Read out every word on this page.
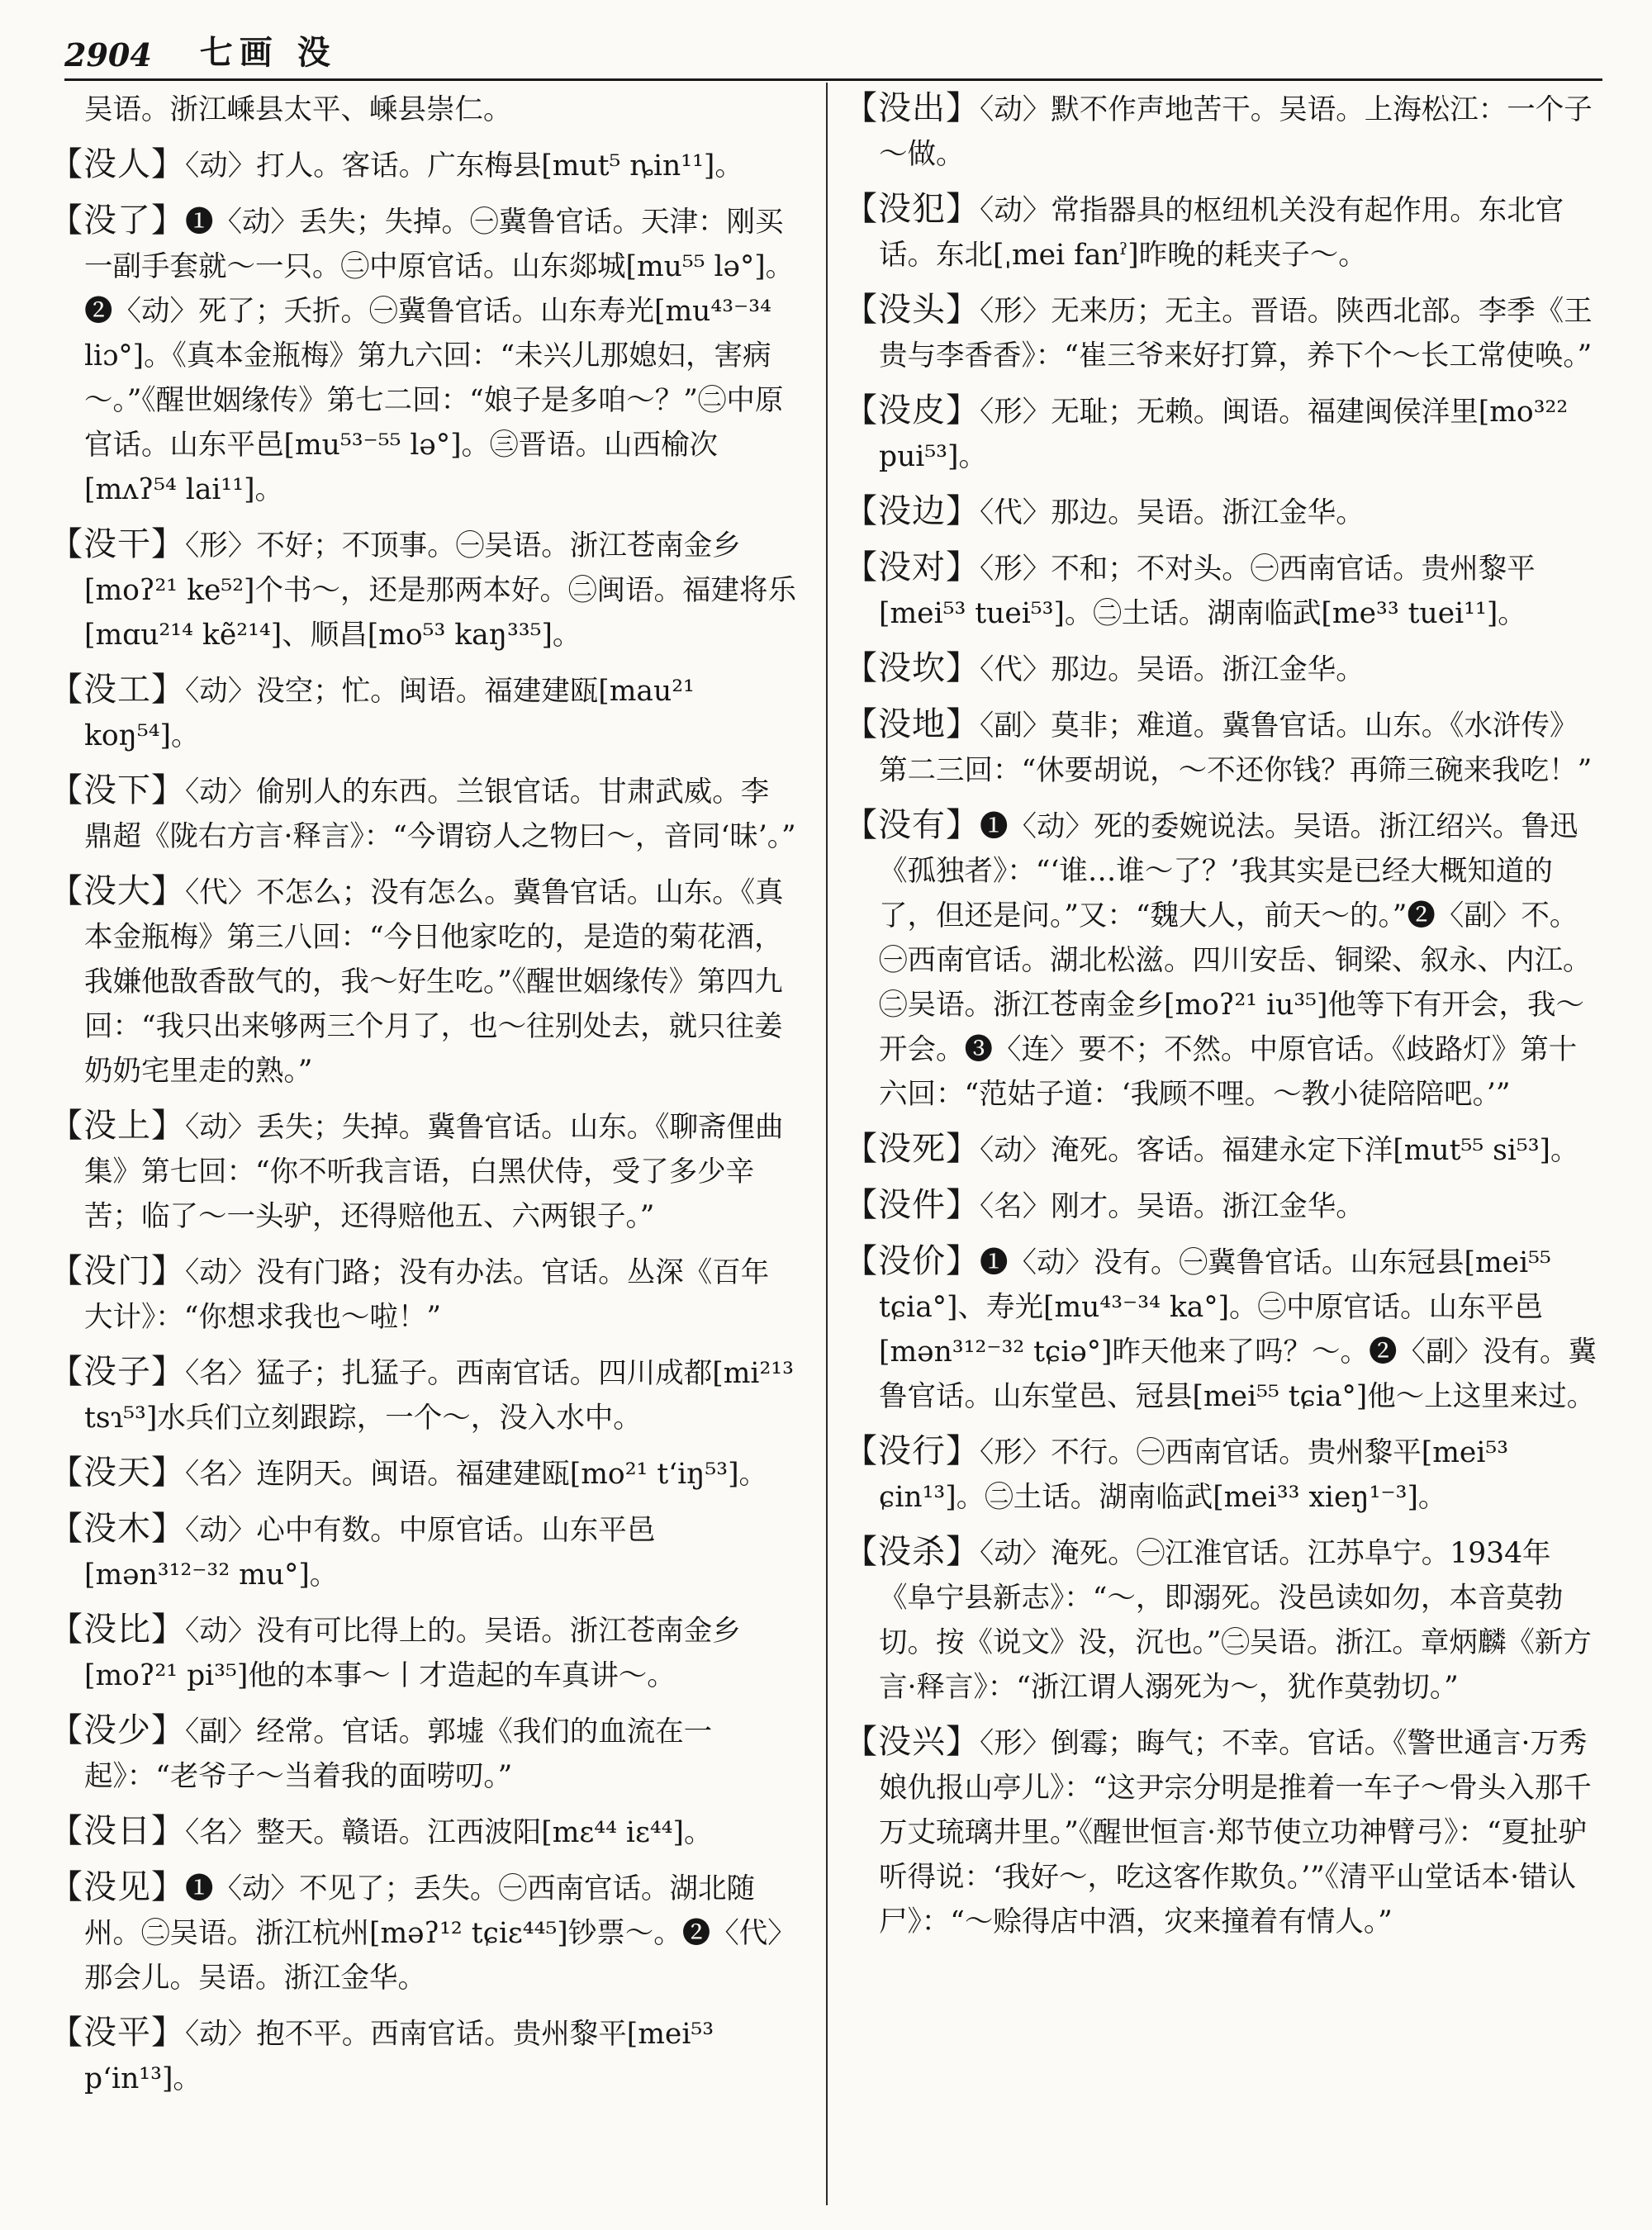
2904 七画 没

吴语。浙江嵊县太平、嵊县崇仁。

【没人】〈动〉打人。客话。广东梅县[mut⁵ ȵin¹¹]。

【没了】❶〈动〉丢失；失掉。㊀冀鲁官话。天津：刚买一副手套就～一只。㊁中原官话。山东郯城[mu⁵⁵ lə°]。❷〈动〉死了；夭折。㊀冀鲁官话。山东寿光[mu⁴³⁻³⁴ liɔ°]。《真本金瓶梅》第九六回：“未兴儿那媳妇，害病～。”《醒世姻缘传》第七二回：“娘子是多咱～？”㊁中原官话。山东平邑[mu⁵³⁻⁵⁵ lə°]。㊂晋语。山西榆次[mʌʔ⁵⁴ lai¹¹]。

【没干】〈形〉不好；不顶事。㊀吴语。浙江苍南金乡[moʔ²¹ ke⁵²]个书～，还是那两本好。㊁闽语。福建将乐[mɑu²¹⁴ kẽ²¹⁴]、顺昌[mo⁵³ kaŋ³³⁵]。

【没工】〈动〉没空；忙。闽语。福建建瓯[mau²¹ koŋ⁵⁴]。

【没下】〈动〉偷别人的东西。兰银官话。甘肃武威。李鼎超《陇右方言·释言》：“今谓窃人之物曰～，音同‘昧’。”

【没大】〈代〉不怎么；没有怎么。冀鲁官话。山东。《真本金瓶梅》第三八回：“今日他家吃的，是造的菊花酒，我嫌他敔香敔气的，我～好生吃。”《醒世姻缘传》第四九回：“我只出来够两三个月了，也～往别处去，就只往姜奶奶宅里走的熟。”

【没上】〈动〉丢失；失掉。冀鲁官话。山东。《聊斋俚曲集》第七回：“你不听我言语，白黑伏侍，受了多少辛苦；临了～一头驴，还得赔他五、六两银子。”

【没门】〈动〉没有门路；没有办法。官话。丛深《百年大计》：“你想求我也～啦！”

【没子】〈名〉猛子；扎猛子。西南官话。四川成都[mi²¹³ tsɿ⁵³]水兵们立刻跟踪，一个～，没入水中。

【没天】〈名〉连阴天。闽语。福建建瓯[mo²¹ tʻiŋ⁵³]。

【没木】〈动〉心中有数。中原官话。山东平邑[mən³¹²⁻³² mu°]。

【没比】〈动〉没有可比得上的。吴语。浙江苍南金乡[moʔ²¹ pi³⁵]他的本事～丨才造起的车真讲～。

【没少】〈副〉经常。官话。郭墟《我们的血流在一起》：“老爷子～当着我的面唠叨。”

【没日】〈名〉整天。赣语。江西波阳[mɛ⁴⁴ iɛ⁴⁴]。

【没见】❶〈动〉不见了；丢失。㊀西南官话。湖北随州。㊁吴语。浙江杭州[məʔ¹² tɕiɛ⁴⁴⁵]钞票～。❷〈代〉那会儿。吴语。浙江金华。

【没平】〈动〉抱不平。西南官话。贵州黎平[mei⁵³ pʻin¹³]。

【没出】〈动〉默不作声地苦干。吴语。上海松江：一个子～做。

【没犯】〈动〉常指器具的枢纽机关没有起作用。东北官话。东北[ˌmei fanˀ]昨晚的耗夹子～。

【没头】〈形〉无来历；无主。晋语。陕西北部。李季《王贵与李香香》：“崔三爷来好打算，养下个～长工常使唤。”

【没皮】〈形〉无耻；无赖。闽语。福建闽侯洋里[mo³²² pui⁵³]。

【没边】〈代〉那边。吴语。浙江金华。

【没对】〈形〉不和；不对头。㊀西南官话。贵州黎平[mei⁵³ tuei⁵³]。㊁土话。湖南临武[me³³ tuei¹¹]。

【没坎】〈代〉那边。吴语。浙江金华。

【没地】〈副〉莫非；难道。冀鲁官话。山东。《水浒传》第二三回：“休要胡说，～不还你钱？再筛三碗来我吃！”

【没有】❶〈动〉死的委婉说法。吴语。浙江绍兴。鲁迅《孤独者》：“‘谁…谁～了？’我其实是已经大概知道的了，但还是问。”又：“魏大人，前天～的。”❷〈副〉不。㊀西南官话。湖北松滋。四川安岳、铜梁、叙永、内江。㊁吴语。浙江苍南金乡[moʔ²¹ iu³⁵]他等下有开会，我～开会。❸〈连〉要不；不然。中原官话。《歧路灯》第十六回：“范姑子道：‘我顾不哩。～教小徒陪陪吧。’”

【没死】〈动〉淹死。客话。福建永定下洋[mut⁵⁵ si⁵³]。

【没件】〈名〉刚才。吴语。浙江金华。

【没价】❶〈动〉没有。㊀冀鲁官话。山东冠县[mei⁵⁵ tɕia°]、寿光[mu⁴³⁻³⁴ ka°]。㊁中原官话。山东平邑[mən³¹²⁻³² tɕiə°]昨天他来了吗？～。❷〈副〉没有。冀鲁官话。山东堂邑、冠县[mei⁵⁵ tɕia°]他～上这里来过。

【没行】〈形〉不行。㊀西南官话。贵州黎平[mei⁵³ ɕin¹³]。㊁土话。湖南临武[mei³³ xieŋ¹⁻³]。

【没杀】〈动〉淹死。㊀江淮官话。江苏阜宁。1934年《阜宁县新志》：“～，即溺死。没邑读如勿，本音莫勃切。按《说文》没，沉也。”㊁吴语。浙江。章炳麟《新方言·释言》：“浙江谓人溺死为～，犹作莫勃切。”

【没兴】〈形〉倒霉；晦气；不幸。官话。《警世通言·万秀娘仇报山亭儿》：“这尹宗分明是推着一车子～骨头入那千万丈琉璃井里。”《醒世恒言·郑节使立功神臂弓》：“夏扯驴听得说：‘我好～，吃这客作欺负。’”《清平山堂话本·错认尸》：“～赊得店中酒，灾来撞着有情人。”
